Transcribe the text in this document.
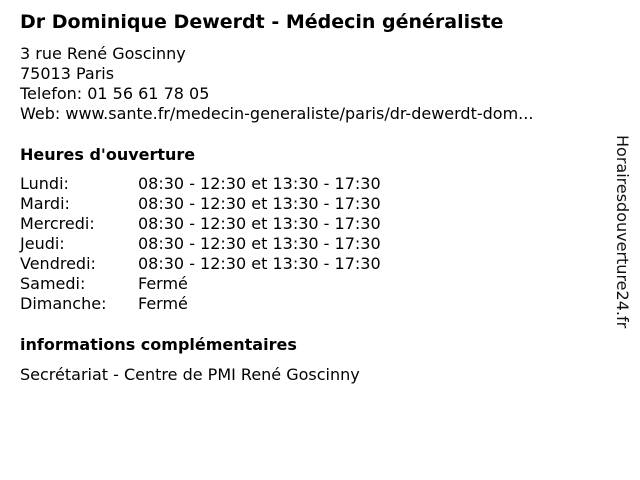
Dr Dominique Dewerdt - Médecin généraliste
3 rue René Goscinny
75013 Paris
Telefon: 01 56 61 78 05
Web: www.sante.fr/medecin-generaliste/paris/dr-dewerdt-dom...
Heures d'ouverture
Lundi:	08:30 - 12:30 et 13:30 - 17:30
Mardi:	08:30 - 12:30 et 13:30 - 17:30
Mercredi:	08:30 - 12:30 et 13:30 - 17:30
Jeudi:	08:30 - 12:30 et 13:30 - 17:30
Vendredi:	08:30 - 12:30 et 13:30 - 17:30
Samedi:	Fermé
Dimanche: Fermé
informations complémentaires
Secrétariat - Centre de PMI René Goscinny
Horairesdouverture24.fr
